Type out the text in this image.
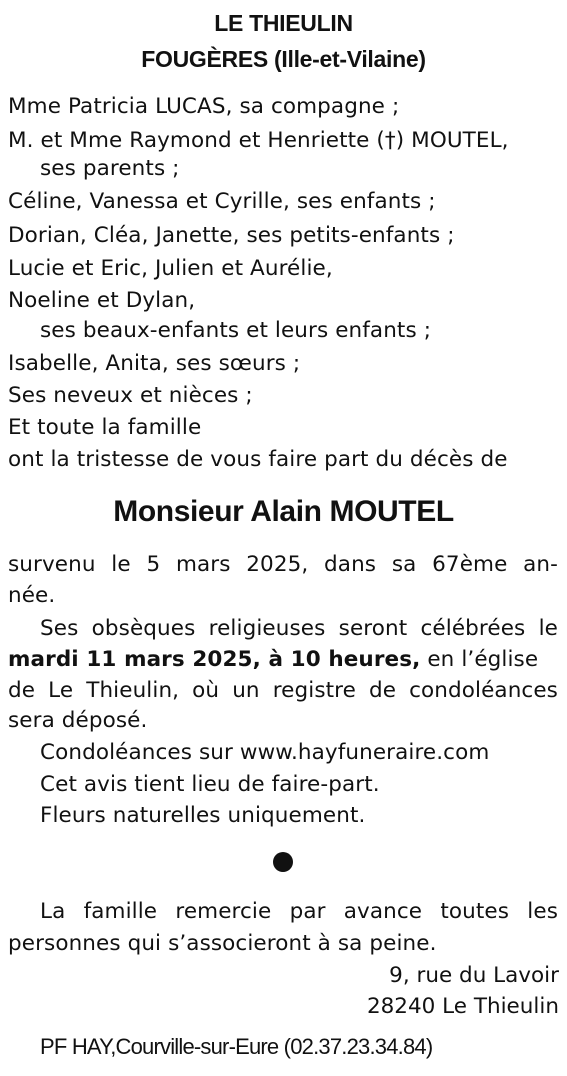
LE THIEULIN
FOUGÈRES (Ille-et-Vilaine)
Mme Patricia LUCAS, sa compagne ;
M. et Mme Raymond et Henriette (†) MOUTEL,
ses parents ;
Céline, Vanessa et Cyrille, ses enfants ;
Dorian, Cléa, Janette, ses petits-enfants ;
Lucie et Eric, Julien et Aurélie,
Noeline et Dylan,
ses beaux-enfants et leurs enfants ;
Isabelle, Anita, ses sœurs ;
Ses neveux et nièces ;
Et toute la famille
ont la tristesse de vous faire part du décès de
Monsieur Alain MOUTEL
survenu le 5 mars 2025, dans sa 67ème an-
née.
Ses obsèques religieuses seront célébrées le
mardi 11 mars 2025, à 10 heures, en l’église
de Le Thieulin, où un registre de condoléances
sera déposé.
Condoléances sur www.hayfuneraire.com
Cet avis tient lieu de faire-part.
Fleurs naturelles uniquement.
La famille remercie par avance toutes les
personnes qui s’associeront à sa peine.
9, rue du Lavoir
28240 Le Thieulin
PF HAY,Courville-sur-Eure (02.37.23.34.84)
